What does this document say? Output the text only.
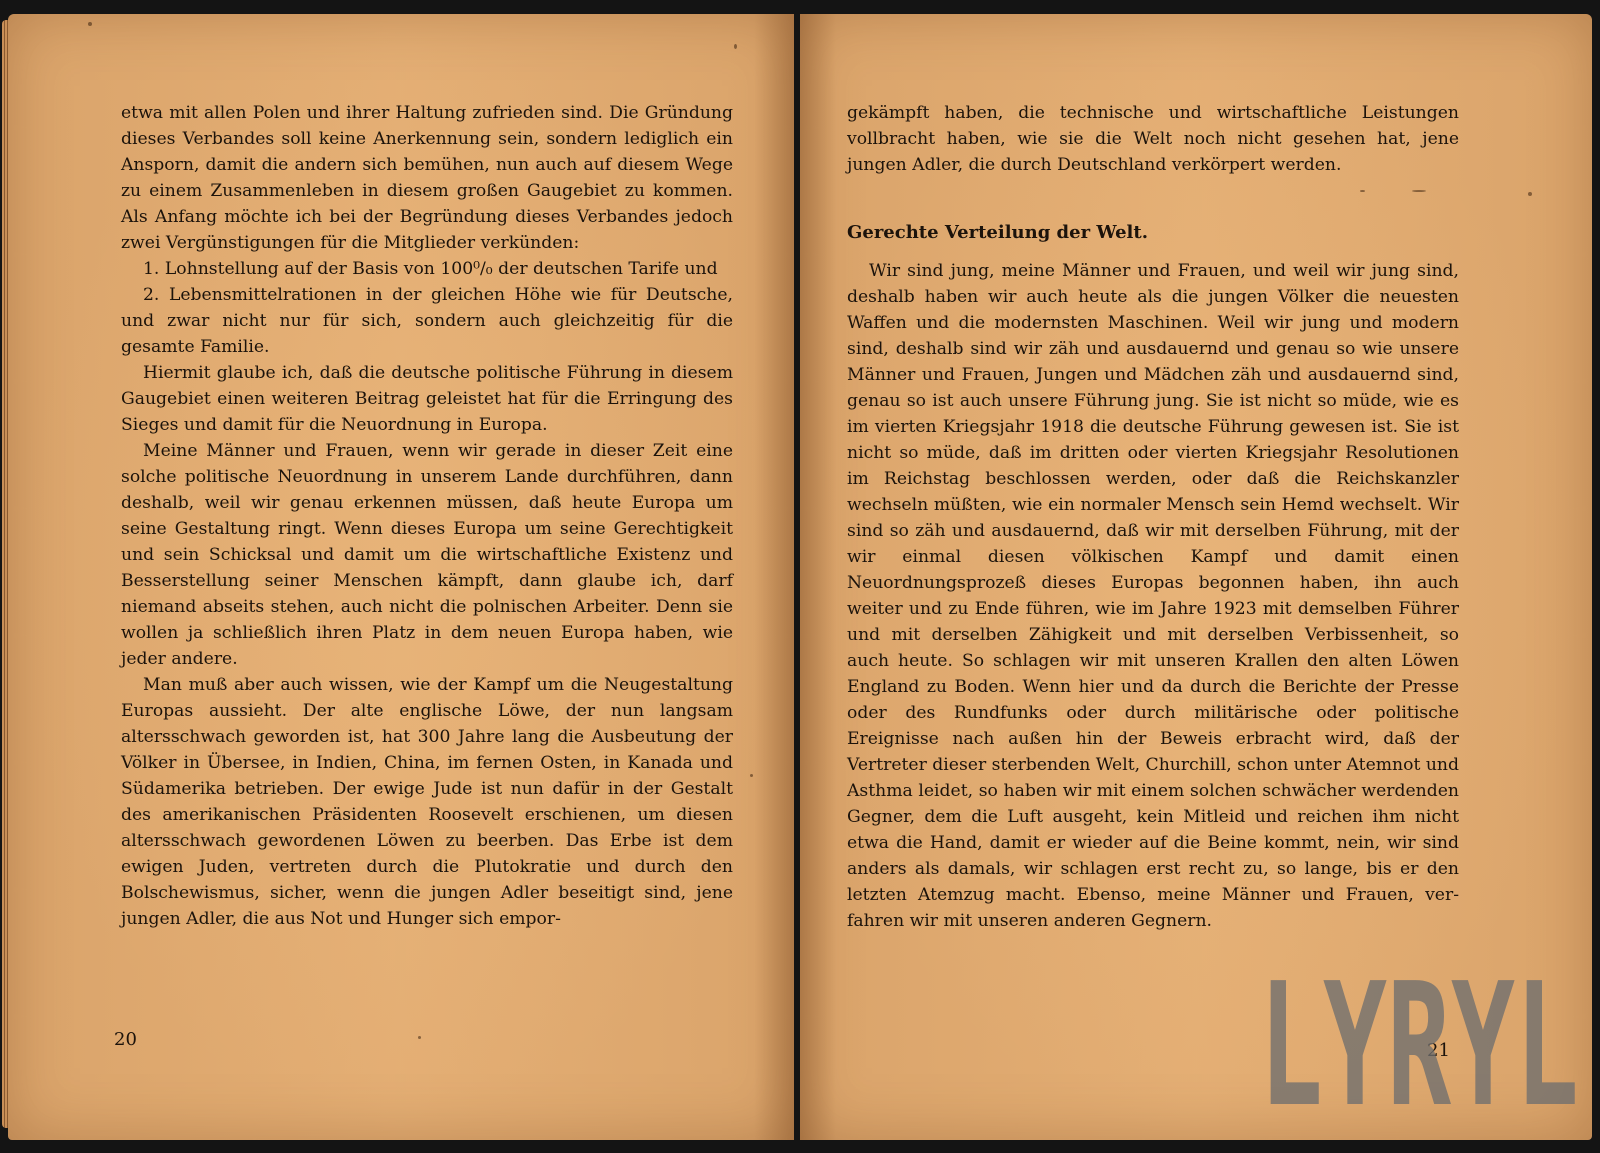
etwa mit allen Polen und ihrer Haltung zufrieden sind. Die Gründung dieses Verbandes soll keine Anerkennung sein, sondern lediglich ein Ansporn, damit die andern sich bemühen, nun auch auf diesem Wege zu einem Zusammenleben in diesem großen Gaugebiet zu kommen. Als Anfang möchte ich bei der Begründung dieses Verbandes jedoch zwei Vergünstigungen für die Mitglieder verkünden:

1. Lohnstellung auf der Basis von 100⁰/₀ der deutschen Tarife und

2. Lebensmittelrationen in der gleichen Höhe wie für Deutsche, und zwar nicht nur für sich, sondern auch gleichzeitig für die gesamte Familie.

Hiermit glaube ich, daß die deutsche politische Führung in diesem Gaugebiet einen weiteren Beitrag geleistet hat für die Erringung des Sieges und damit für die Neuordnung in Europa.

Meine Männer und Frauen, wenn wir gerade in dieser Zeit eine solche politische Neuordnung in unserem Lande durchführen, dann deshalb, weil wir genau erkennen müssen, daß heute Europa um seine Gestaltung ringt. Wenn dieses Europa um seine Gerechtigkeit und sein Schicksal und damit um die wirtschaftliche Existenz und Besserstellung seiner Menschen kämpft, dann glaube ich, darf niemand abseits stehen, auch nicht die polnischen Arbeiter. Denn sie wollen ja schließlich ihren Platz in dem neuen Europa haben, wie jeder andere.

Man muß aber auch wissen, wie der Kampf um die Neugestaltung Europas aussieht. Der alte englische Löwe, der nun langsam altersschwach geworden ist, hat 300 Jahre lang die Ausbeutung der Völker in Übersee, in Indien, China, im fernen Osten, in Kanada und Südamerika betrieben. Der ewige Jude ist nun dafür in der Gestalt des amerikanischen Präsidenten Roosevelt erschienen, um diesen altersschwach gewordenen Löwen zu beerben. Das Erbe ist dem ewigen Juden, vertreten durch die Plutokratie und durch den Bolschewismus, sicher, wenn die jungen Adler beseitigt sind, jene jungen Adler, die aus Not und Hunger sich empor-

20

gekämpft haben, die technische und wirtschaftliche Leistungen vollbracht haben, wie sie die Welt noch nicht gesehen hat, jene jungen Adler, die durch Deutschland verkörpert werden.

Gerechte Verteilung der Welt.

Wir sind jung, meine Männer und Frauen, und weil wir jung sind, deshalb haben wir auch heute als die jungen Völker die neuesten Waffen und die modernsten Maschinen. Weil wir jung und modern sind, deshalb sind wir zäh und ausdauernd und genau so wie unsere Männer und Frauen, Jungen und Mädchen zäh und ausdauernd sind, genau so ist auch unsere Führung jung. Sie ist nicht so müde, wie es im vierten Kriegsjahr 1918 die deutsche Führung gewesen ist. Sie ist nicht so müde, daß im dritten oder vierten Kriegsjahr Resolutionen im Reichstag beschlossen werden, oder daß die Reichskanzler wechseln müßten, wie ein normaler Mensch sein Hemd wechselt. Wir sind so zäh und ausdauernd, daß wir mit derselben Führung, mit der wir einmal diesen völkischen Kampf und damit einen Neuordnungsprozeß dieses Europas begonnen haben, ihn auch weiter und zu Ende führen, wie im Jahre 1923 mit demselben Führer und mit derselben Zähigkeit und mit derselben Verbissenheit, so auch heute. So schlagen wir mit unseren Krallen den alten Löwen England zu Boden. Wenn hier und da durch die Berichte der Presse oder des Rundfunks oder durch militärische oder politische Ereignisse nach außen hin der Beweis erbracht wird, daß der Vertreter dieser sterbenden Welt, Churchill, schon unter Atemnot und Asthma leidet, so haben wir mit einem solchen schwächer werdenden Gegner, dem die Luft ausgeht, kein Mitleid und reichen ihm nicht etwa die Hand, damit er wieder auf die Beine kommt, nein, wir sind anders als damals, wir schlagen erst recht zu, so lange, bis er den letzten Atemzug macht. Ebenso, meine Männer und Frauen, verfahren wir mit unseren anderen Gegnern.

21
LYRYL
